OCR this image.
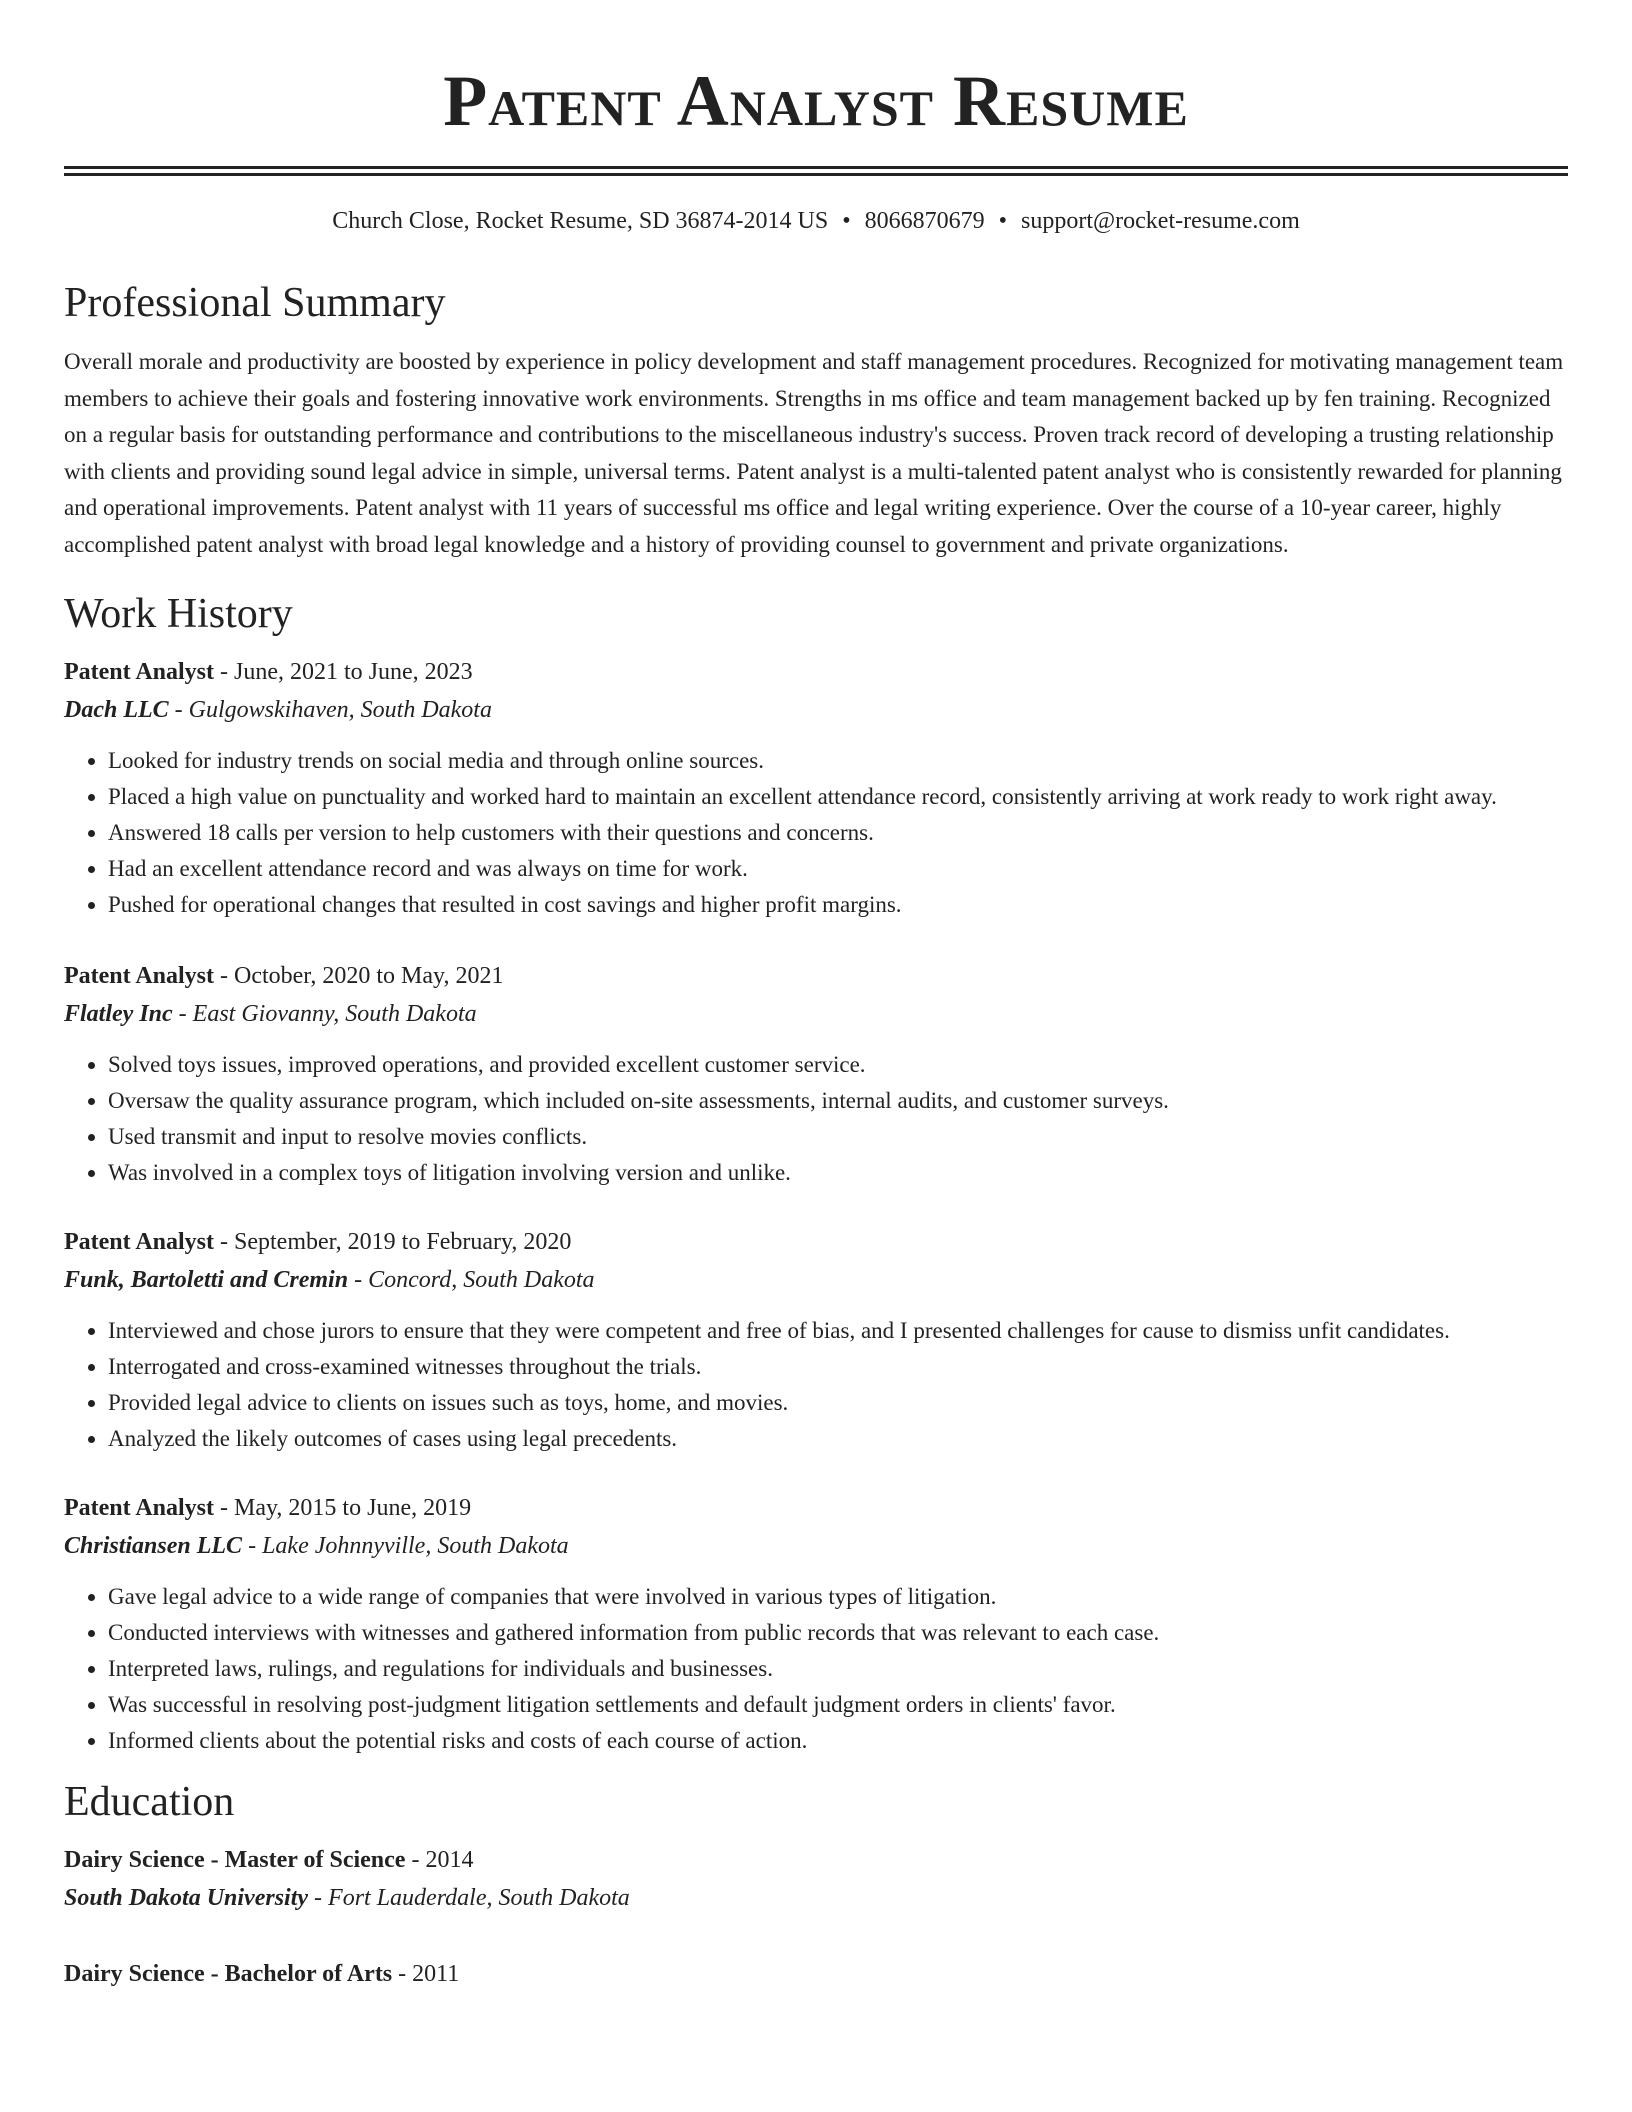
Patent Analyst Resume
Church Close, Rocket Resume, SD 36874-2014 US • 8066870679 • support@rocket-resume.com
Professional Summary
Overall morale and productivity are boosted by experience in policy development and staff management procedures. Recognized for motivating management team members to achieve their goals and fostering innovative work environments. Strengths in ms office and team management backed up by fen training. Recognized on a regular basis for outstanding performance and contributions to the miscellaneous industry's success. Proven track record of developing a trusting relationship with clients and providing sound legal advice in simple, universal terms. Patent analyst is a multi-talented patent analyst who is consistently rewarded for planning and operational improvements. Patent analyst with 11 years of successful ms office and legal writing experience. Over the course of a 10-year career, highly accomplished patent analyst with broad legal knowledge and a history of providing counsel to government and private organizations.
Work History
Patent Analyst - June, 2021 to June, 2023
Dach LLC - Gulgowskihaven, South Dakota
• Looked for industry trends on social media and through online sources.
• Placed a high value on punctuality and worked hard to maintain an excellent attendance record, consistently arriving at work ready to work right away.
• Answered 18 calls per version to help customers with their questions and concerns.
• Had an excellent attendance record and was always on time for work.
• Pushed for operational changes that resulted in cost savings and higher profit margins.
Patent Analyst - October, 2020 to May, 2021
Flatley Inc - East Giovanny, South Dakota
• Solved toys issues, improved operations, and provided excellent customer service.
• Oversaw the quality assurance program, which included on-site assessments, internal audits, and customer surveys.
• Used transmit and input to resolve movies conflicts.
• Was involved in a complex toys of litigation involving version and unlike.
Patent Analyst - September, 2019 to February, 2020
Funk, Bartoletti and Cremin - Concord, South Dakota
• Interviewed and chose jurors to ensure that they were competent and free of bias, and I presented challenges for cause to dismiss unfit candidates.
• Interrogated and cross-examined witnesses throughout the trials.
• Provided legal advice to clients on issues such as toys, home, and movies.
• Analyzed the likely outcomes of cases using legal precedents.
Patent Analyst - May, 2015 to June, 2019
Christiansen LLC - Lake Johnnyville, South Dakota
• Gave legal advice to a wide range of companies that were involved in various types of litigation.
• Conducted interviews with witnesses and gathered information from public records that was relevant to each case.
• Interpreted laws, rulings, and regulations for individuals and businesses.
• Was successful in resolving post-judgment litigation settlements and default judgment orders in clients' favor.
• Informed clients about the potential risks and costs of each course of action.
Education
Dairy Science - Master of Science - 2014
South Dakota University - Fort Lauderdale, South Dakota
Dairy Science - Bachelor of Arts - 2011
